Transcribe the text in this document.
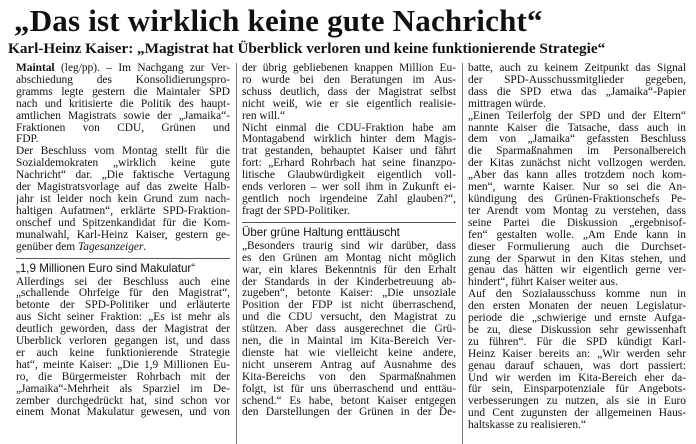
„Das ist wirklich keine gute Nachricht“
Karl-Heinz Kaiser: „Magistrat hat Überblick verloren und keine funktionierende Strategie“

Maintal (leg/pp). – Im Nachgang zur Ver-
abschiedung des Konsolidierungspro-
gramms legte gestern die Maintaler SPD
nach und kritisierte die Politik des haupt-
amtlichen Magistrats sowie der „Jamaika“-
Fraktionen von CDU, Grünen und
FDP.
Der Beschluss vom Montag stellt für die
Sozialdemokraten „wirklich keine gute
Nachricht“ dar. „Die faktische Vertagung
der Magistratsvorlage auf das zweite Halb-
jahr ist leider noch kein Grund zum nach-
haltigen Aufatmen“, erklärte SPD-Fraktion-
onschef und Spitzenkandidat für die Kom-
munalwahl, Karl-Heinz Kaiser, gestern ge-
genüber dem Tagesanzeiger.

„1,9 Millionen Euro sind Makulatur“

Allerdings sei der Beschluss auch eine
„schallende Ohrfeige für den Magistrat“,
betonte der SPD-Politiker und erläuterte
aus Sicht seiner Fraktion: „Es ist mehr als
deutlich geworden, dass der Magistrat der
Überblick verloren gegangen ist, und dass
er auch keine funktionierende Strategie
hat“, meinte Kaiser: „Die 1,9 Millionen Eu-
ro, die Bürgermeister Rohrbach mit der
„Jamaika“-Mehrheit als Sparziel im De-
zember durchgedrückt hat, sind schon vor
einem Monat Makulatur gewesen, und von

der übrig gebliebenen knappen Million Eu-
ro wurde bei den Beratungen im Aus-
schuss deutlich, dass der Magistrat selbst
nicht weiß, wie er sie eigentlich realisie-
ren will.“
Nicht einmal die CDU-Fraktion habe am
Montagabend wirklich hinter dem Magis-
trat gestanden, behauptet Kaiser und fährt
fort: „Erhard Rohrbach hat seine finanzpo-
litische Glaubwürdigkeit eigentlich voll-
ends verloren – wer soll ihm in Zukunft ei-
gentlich noch irgendeine Zahl glauben?“,
fragt der SPD-Politiker.

Über grüne Haltung enttäuscht

„Besonders traurig sind wir darüber, dass
es den Grünen am Montag nicht möglich
war, ein klares Bekenntnis für den Erhalt
der Standards in der Kinderbetreuung ab-
zugeben“, betonte Kaiser: „Die unsoziale
Position der FDP ist nicht überraschend,
und die CDU versucht, den Magistrat zu
stützen. Aber dass ausgerechnet die Grü-
nen, die in Maintal im Kita-Bereich Ver-
dienste hat wie vielleicht keine andere,
nicht unserem Antrag auf Ausnahme des
Kita-Bereichs von den Sparmaßnahmen
folgt, ist für uns überraschend und enttäu-
schend.“ Es habe, betont Kaiser entgegen
den Darstellungen der Grünen in der De-

batte, auch zu keinem Zeitpunkt das Signal
der SPD-Ausschussmitglieder gegeben,
dass die SPD etwa das „Jamaika“-Papier
mittragen würde.
„Einen Teilerfolg der SPD und der Eltern“
nannte Kaiser die Tatsache, dass auch in
dem von „Jamaika“ gefassten Beschluss
die Sparmaßnahmen im Personalbereich
der Kitas zunächst nicht vollzogen werden.
„Aber das kann alles trotzdem noch kom-
men“, warnte Kaiser. Nur so sei die An-
kündigung des Grünen-Fraktionschefs Pe-
ter Arendt vom Montag zu verstehen, dass
seine Partei die Diskussion „ergebnisof-
fen“ gestalten wolle. „Am Ende kann in
dieser Formulierung auch die Durchset-
zung der Sparwut in den Kitas stehen, und
genau das hätten wir eigentlich gerne ver-
hindert“, führt Kaiser weiter aus.
Auf den Sozialausschuss komme nun in
den ersten Monaten der neuen Legislatur-
periode die „schwierige und ernste Aufga-
be zu, diese Diskussion sehr gewissenhaft
zu führen“. Für die SPD kündigt Karl-
Heinz Kaiser bereits an: „Wir werden sehr
genau darauf schauen, was dort passiert:
Und wir werden im Kita-Bereich eher da-
für sein, Einsparpotenziale für Angebots-
verbesserungen zu nutzen, als sie in Euro
und Cent zugunsten der allgemeinen Haus-
haltskasse zu realisieren.“
